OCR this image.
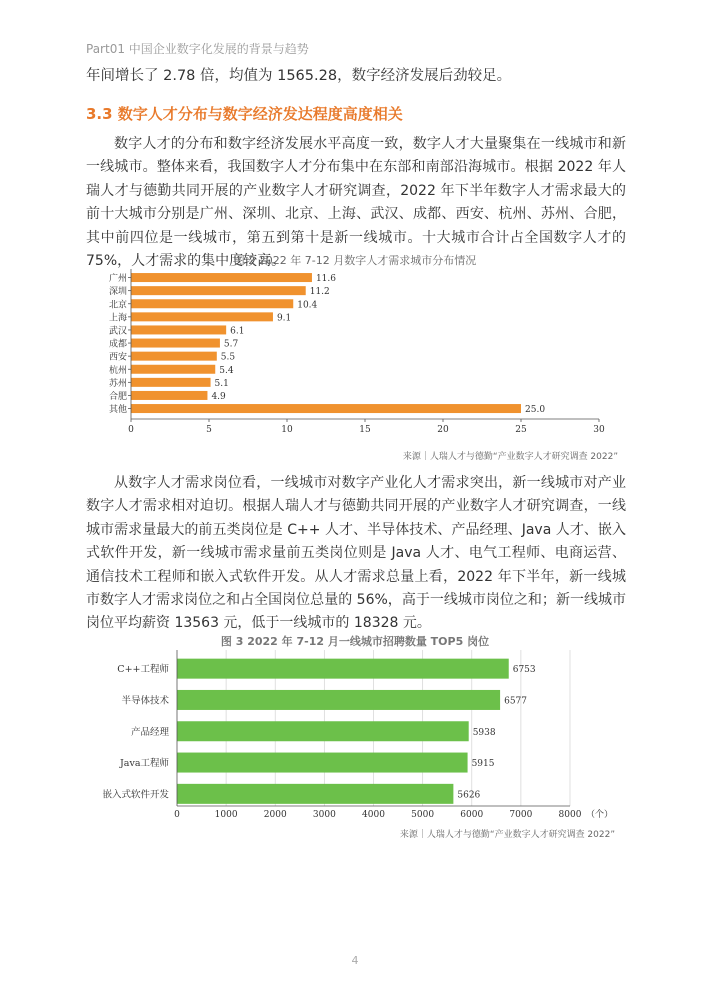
Part01 中国企业数字化发展的背景与趋势
年间增长了 2.78 倍，均值为 1565.28，数字经济发展后劲较足。
3.3 数字人才分布与数字经济发达程度高度相关

数字人才的分布和数字经济发展水平高度一致，数字人才大量聚集在一线城市和新一线城市。整体来看，我国数字人才分布集中在东部和南部沿海城市。根据 2022 年人瑞人才与德勤共同开展的产业数字人才研究调查，2022 年下半年数字人才需求最大的前十大城市分别是广州、深圳、北京、上海、武汉、成都、西安、杭州、苏州、合肥，其中前四位是一线城市，第五到第十是新一线城市。十大城市合计占全国数字人才的 75%，人才需求的集中度较高。

图 2 2022 年 7-12 月数字人才需求城市分布情况
广州	11.6
深圳	11.2
北京	10.4
上海	9.1
武汉	6.1
成都	5.7
西安	5.5
杭州	5.4
苏州	5.1
合肥	4.9
其他	25.0
0	5	10	15	20	25	30
来源｜人瑞人才与德勤“产业数字人才研究调查 2022”

从数字人才需求岗位看，一线城市对数字产业化人才需求突出，新一线城市对产业数字人才需求相对迫切。根据人瑞人才与德勤共同开展的产业数字人才研究调查，一线城市需求量最大的前五类岗位是 C++ 人才、半导体技术、产品经理、Java 人才、嵌入式软件开发，新一线城市需求量前五类岗位则是 Java 人才、电气工程师、电商运营、通信技术工程师和嵌入式软件开发。从人才需求总量上看，2022 年下半年，新一线城市数字人才需求岗位之和占全国岗位总量的 56%，高于一线城市岗位之和；新一线城市岗位平均薪资 13563 元，低于一线城市的 18328 元。

图 3 2022 年 7-12 月一线城市招聘数量 TOP5 岗位
C++工程师	6753
半导体技术	6577
产品经理	5938
Java工程师	5915
嵌入式软件开发	5626
0	1000	2000	3000	4000	5000	6000	7000	8000 （个）
来源｜人瑞人才与德勤“产业数字人才研究调查 2022”
4
